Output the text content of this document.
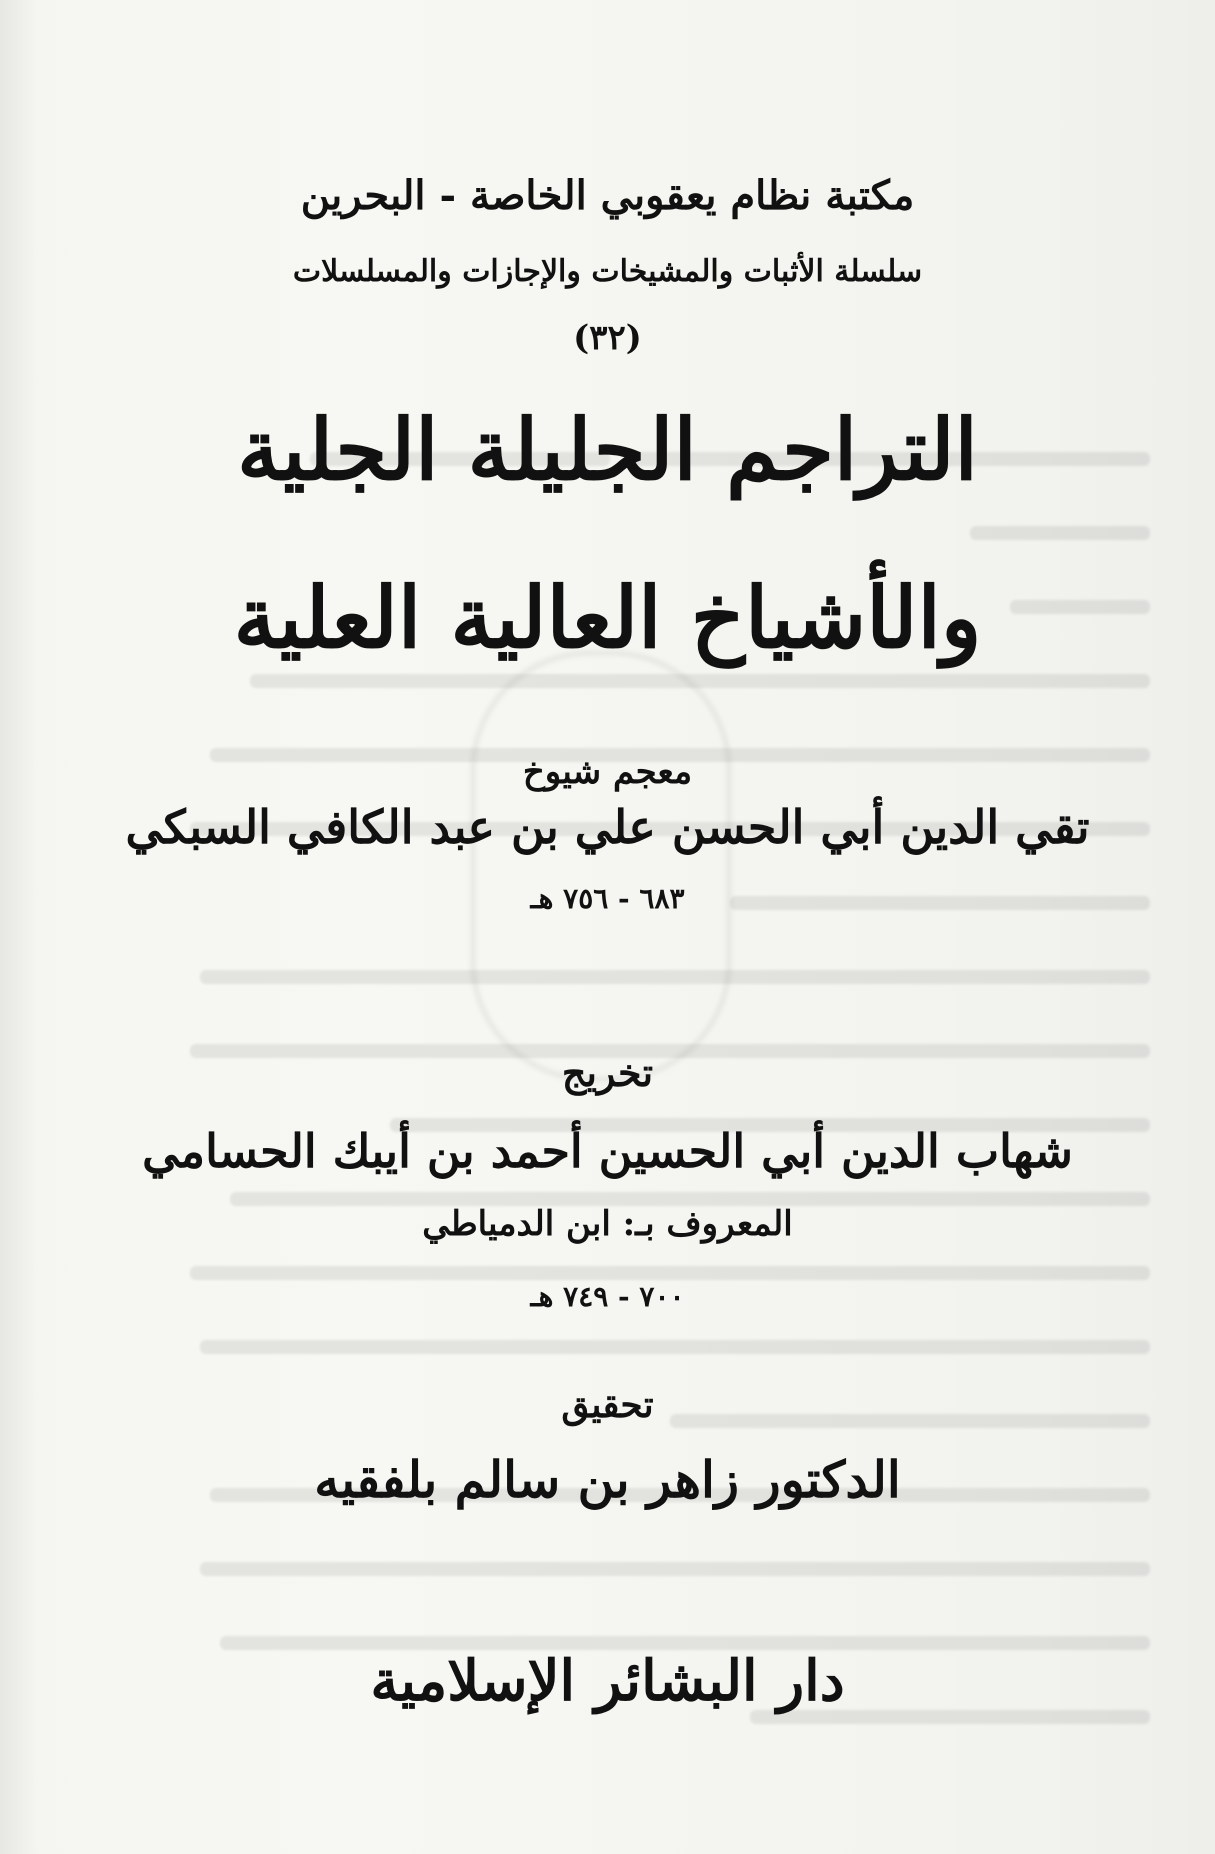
مكتبة نظام يعقوبي الخاصة - البحرين
سلسلة الأثبات والمشيخات والإجازات والمسلسلات
(٣٢)
التراجم الجليلة الجلية
والأشياخ العالية العلية
معجم شيوخ
تقي الدين أبي الحسن علي بن عبد الكافي السبكي
٦٨٣ - ٧٥٦ هـ
تخريج
شهاب الدين أبي الحسين أحمد بن أيبك الحسامي
المعروف بـ: ابن الدمياطي
٧٠٠ - ٧٤٩ هـ
تحقيق
الدكتور زاهر بن سالم بلفقيه
دار البشائر الإسلامية
